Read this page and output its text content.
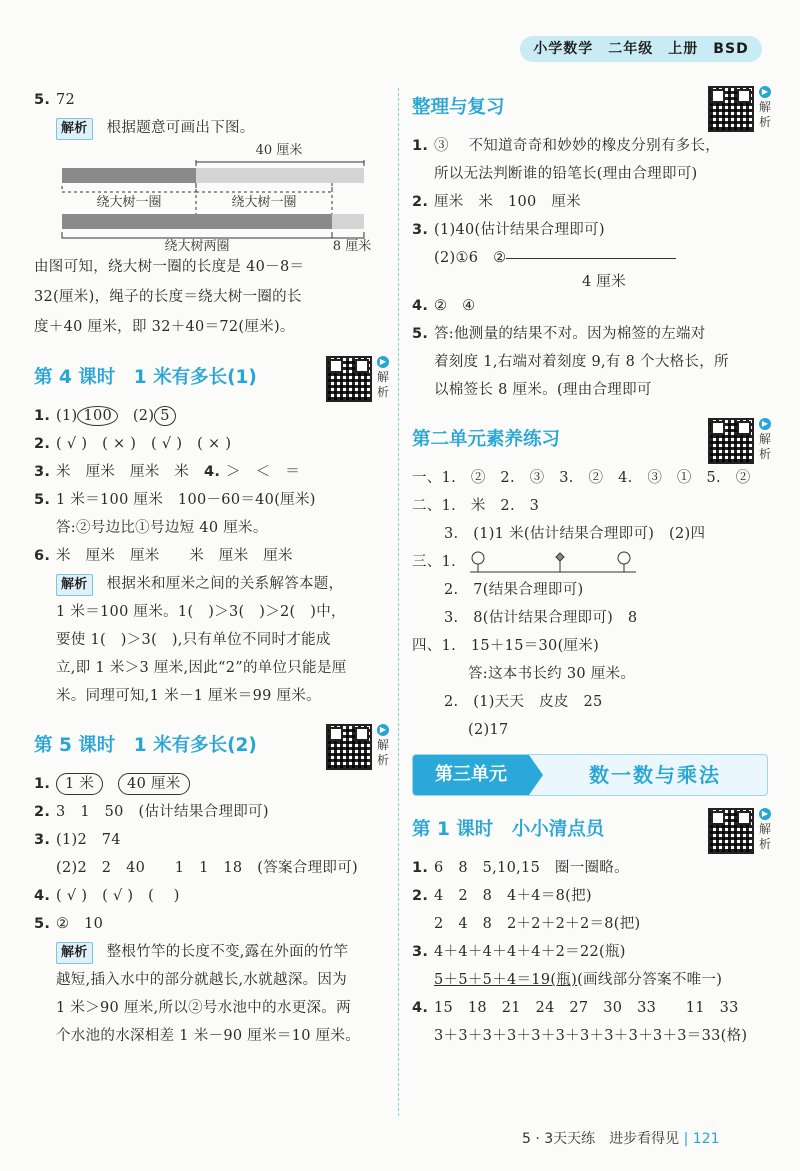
小学数学　二年级　上册　BSD

5. 72

解析 根据题意可画出下图。

40 厘米
绕大树一圈	绕大树一圈
绕大树两圈	8 厘米

由图可知，绕大树一圈的长度是 40－8＝

32(厘米)，绳子的长度＝绕大树一圈的长

度＋40 厘米，即 32＋40＝72(厘米)。

第 4 课时　1 米有多长(1)
▶
解析

1. (1) 100　 (2) 5

2. ( √ )　( × )　( √ )　( × )

3. 米　厘米　厘米　米　 4. ＞　＜　＝

5. 1 米＝100 厘米　100－60＝40(厘米)

答:②号边比①号边短 40 厘米。

6. 米　厘米　厘米　　米　厘米　厘米

解析 根据米和厘米之间的关系解答本题，

1 米＝100 厘米。1(　)＞3(　)＞2(　)中，

要使 1(　)＞3(　),只有单位不同时才能成

立,即 1 米＞3 厘米,因此“2”的单位只能是厘

米。同理可知,1 米－1 厘米＝99 厘米。

第 5 课时　1 米有多长(2)
▶
解析

1. 1 米　 40 厘米

2. 3　1　50　(估计结果合理即可)

3. (1)2　74

(2)2　2　40　　1　1　18　(答案合理即可)

4. ( √ )　( √ )　(　 )

5. ②　10

解析 整根竹竿的长度不变,露在外面的竹竿

越短,插入水中的部分就越长,水就越深。因为

1 米＞90 厘米,所以②号水池中的水更深。两

个水池的水深相差 1 米－90 厘米＝10 厘米。

整理与复习
▶
解析

1. ③　 不知道奇奇和妙妙的橡皮分别有多长，

所以无法判断谁的铅笔长(理由合理即可)

2. 厘米　米　100　厘米

3. (1)40(估计结果合理即可)

(2)①6　②

4 厘米

4. ②　④

5. 答:他测量的结果不对。因为棉签的左端对

着刻度 1,右端对着刻度 9,有 8 个大格长，所

以棉签长 8 厘米。(理由合理即可

第二单元素养练习
▶
解析

一、1.　②　2.　③　3.　②　4.　③　①　5.　②

二、1.　米　2.　3

3.　(1)1 米(估计结果合理即可)　(2)四

三、1.

2.　7(结果合理即可)

3.　8(估计结果合理即可)　8

四、1.　15＋15＝30(厘米)

答:这本书长约 30 厘米。

2.　(1)天天　皮皮　25

(2)17

第三单元	数一数与乘法
第 1 课时　小小清点员
▶
解析

1. 6　8　5,10,15　圈一圈略。

2. 4　2　8　4＋4＝8(把)

2　4　8　2＋2＋2＋2＝8(把)

3. 4＋4＋4＋4＋4＋2＝22(瓶)

5＋5＋5＋4＝19(瓶)(画线部分答案不唯一)

4. 15　18　21　24　27　30　33　　11　33

3＋3＋3＋3＋3＋3＋3＋3＋3＋3＋3＝33(格)

5 · 3天天练　进步看得见 | 121
